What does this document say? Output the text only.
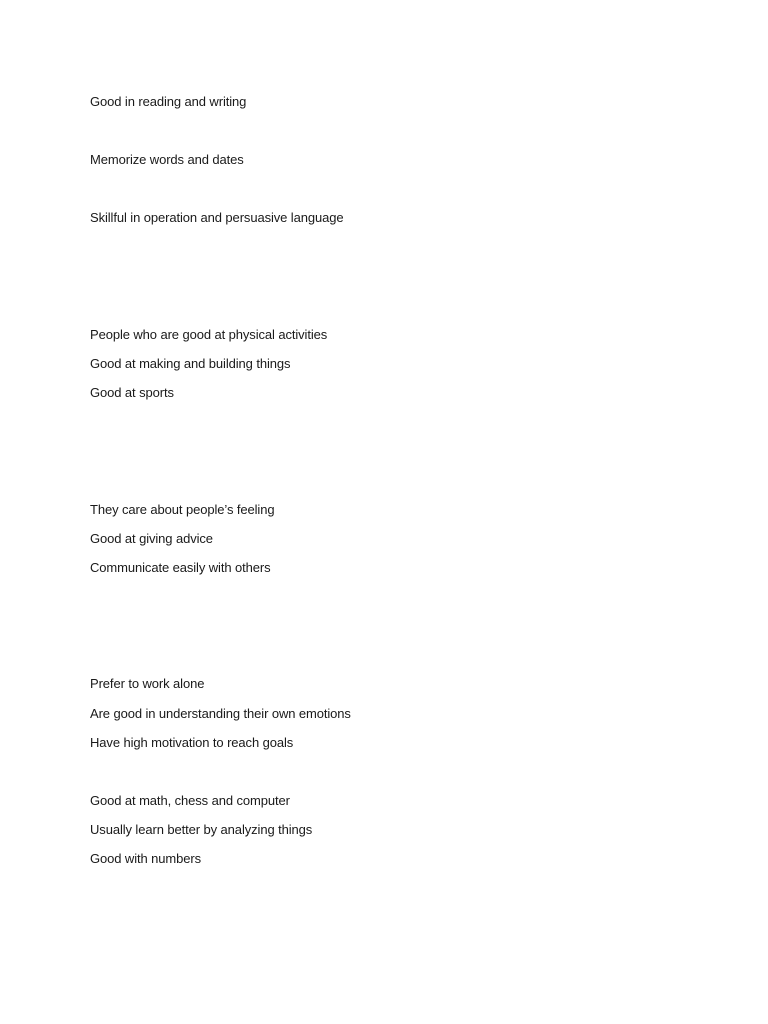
Good in reading and writing

Memorize words and dates

Skillful in operation and persuasive language

People who are good at physical activities

Good at making and building things

Good at sports

They care about people’s feeling

Good at giving advice

Communicate easily with others

Prefer to work alone

Are good in understanding their own emotions

Have high motivation to reach goals

Good at math, chess and computer

Usually learn better by analyzing things

Good with numbers
